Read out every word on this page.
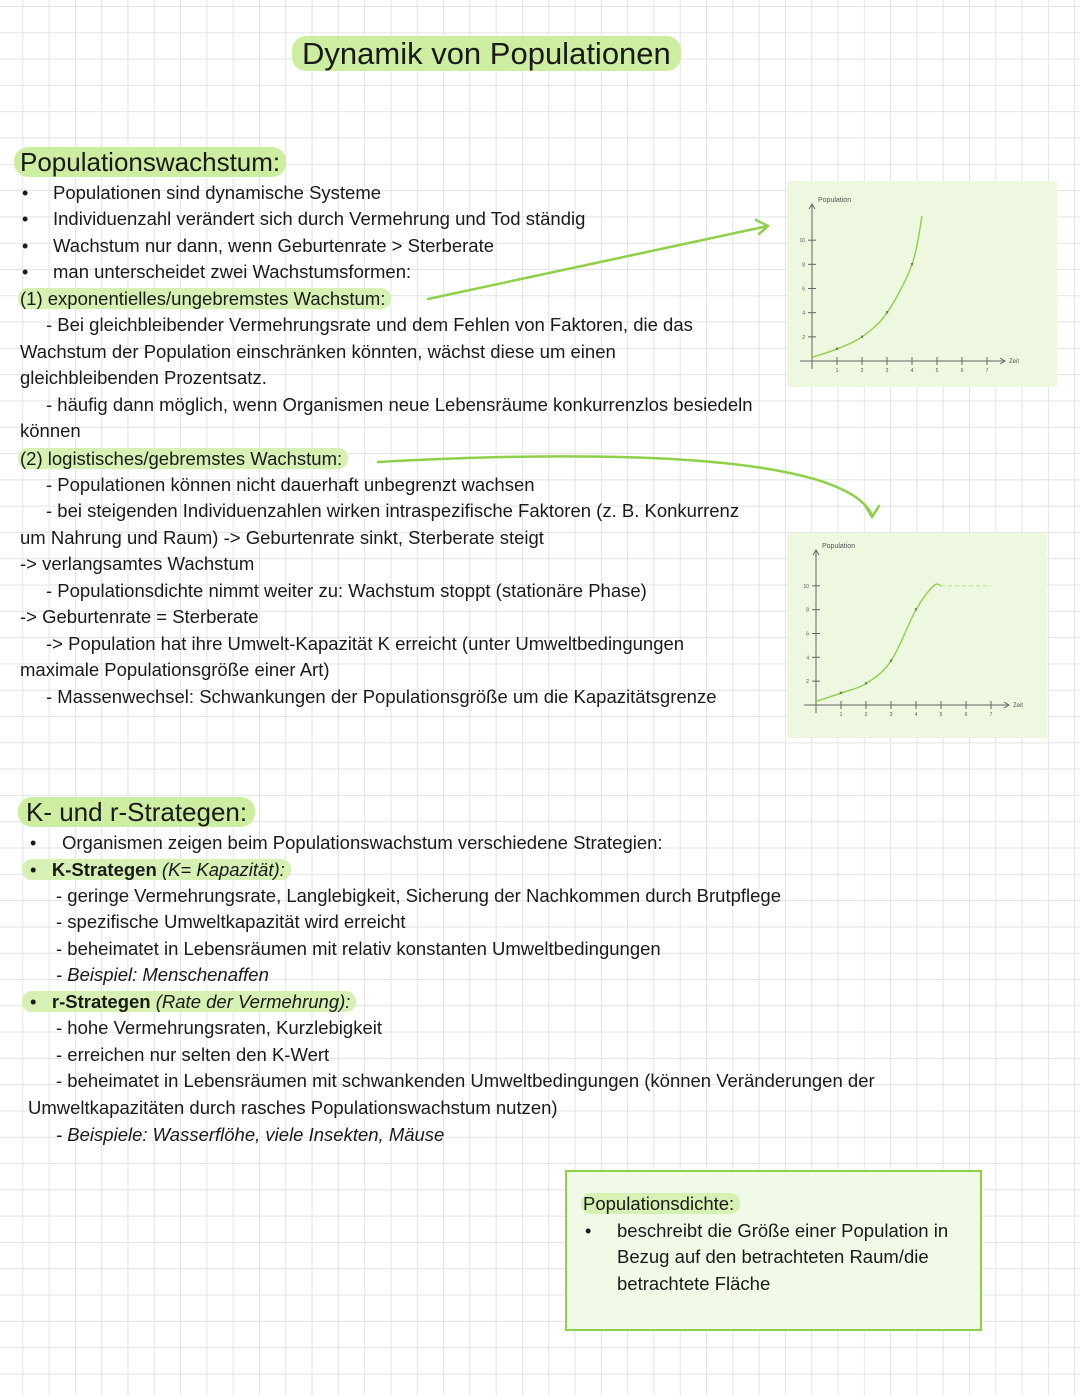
Dynamik von Populationen
Populationswachstum:
• Populationen sind dynamische Systeme
• Individuenzahl verändert sich durch Vermehrung und Tod ständig
• Wachstum nur dann, wenn Geburtenrate > Sterberate
• man unterscheidet zwei Wachstumsformen:
(1) exponentielles/ungebremstes Wachstum:
- Bei gleichbleibender Vermehrungsrate und dem Fehlen von Faktoren, die das
Wachstum der Population einschränken könnten, wächst diese um einen
gleichbleibenden Prozentsatz.
- häufig dann möglich, wenn Organismen neue Lebensräume konkurrenzlos besiedeln
können
(2) logistisches/gebremstes Wachstum:
- Populationen können nicht dauerhaft unbegrenzt wachsen
- bei steigenden Individuenzahlen wirken intraspezifische Faktoren (z. B. Konkurrenz
um Nahrung und Raum) -> Geburtenrate sinkt, Sterberate steigt
-> verlangsamtes Wachstum
- Populationsdichte nimmt weiter zu: Wachstum stoppt (stationäre Phase)
-> Geburtenrate = Sterberate
-> Population hat ihre Umwelt-Kapazität K erreicht (unter Umweltbedingungen
maximale Populationsgröße einer Art)
- Massenwechsel: Schwankungen der Populationsgröße um die Kapazitätsgrenze
2
4
6
8
10
1	2	3	4	5	6	7
Population
Zeit
×
×
×
×
2
4
6
8
10
1	2	3	4	5	6	7
Population
Zeit
×
×
×
×
K- und r-Strategen:
• Organismen zeigen beim Populationswachstum verschiedene Strategien:
• K-Strategen (K= Kapazität):
- geringe Vermehrungsrate, Langlebigkeit, Sicherung der Nachkommen durch Brutpflege
- spezifische Umweltkapazität wird erreicht
- beheimatet in Lebensräumen mit relativ konstanten Umweltbedingungen
- Beispiel: Menschenaffen
• r-Strategen (Rate der Vermehrung):
- hohe Vermehrungsraten, Kurzlebigkeit
- erreichen nur selten den K-Wert
- beheimatet in Lebensräumen mit schwankenden Umweltbedingungen (können Veränderungen der
Umweltkapazitäten durch rasches Populationswachstum nutzen)
- Beispiele: Wasserflöhe, viele Insekten, Mäuse
Populationsdichte:
• beschreibt die Größe einer Population in
Bezug auf den betrachteten Raum/die
betrachtete Fläche
